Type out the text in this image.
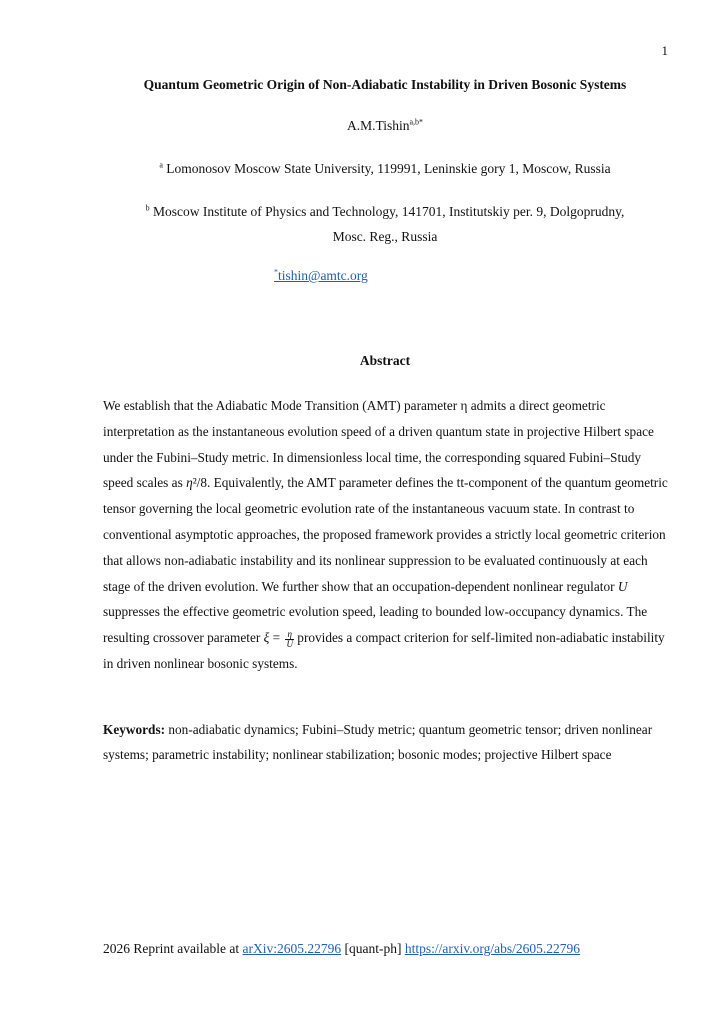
1
Quantum Geometric Origin of Non-Adiabatic Instability in Driven Bosonic Systems
A.M.Tishin$^{a,b*}$
$^a$ Lomonosov Moscow State University, 119991, Leninskie gory 1, Moscow, Russia
$^b$ Moscow Institute of Physics and Technology, 141701, Institutskiy per. 9, Dolgoprudny,
Mosc. Reg., Russia
*tishin@amtc.org
Abstract

We establish that the Adiabatic Mode Transition (AMT) parameter η admits a direct geometric interpretation as the instantaneous evolution speed of a driven quantum state in projective Hilbert space under the Fubini–Study metric. In dimensionless local time, the corresponding squared Fubini–Study speed scales as η²/8. Equivalently, the AMT parameter defines the tt-component of the quantum geometric tensor governing the local geometric evolution rate of the instantaneous vacuum state. In contrast to conventional asymptotic approaches, the proposed framework provides a strictly local geometric criterion that allows non-adiabatic instability and its nonlinear suppression to be evaluated continuously at each stage of the driven evolution. We further show that an occupation-dependent nonlinear regulator U suppresses the effective geometric evolution speed, leading to bounded low-occupancy dynamics. The resulting crossover parameter $\xi = \frac{\eta}{U}$ provides a compact criterion for self-limited non-adiabatic instability in driven nonlinear bosonic systems.

Keywords: non-adiabatic dynamics; Fubini–Study metric; quantum geometric tensor; driven nonlinear systems; parametric instability; nonlinear stabilization; bosonic modes; projective Hilbert space
2026 Reprint available at arXiv:2605.22796 [quant-ph] https://arxiv.org/abs/2605.22796
